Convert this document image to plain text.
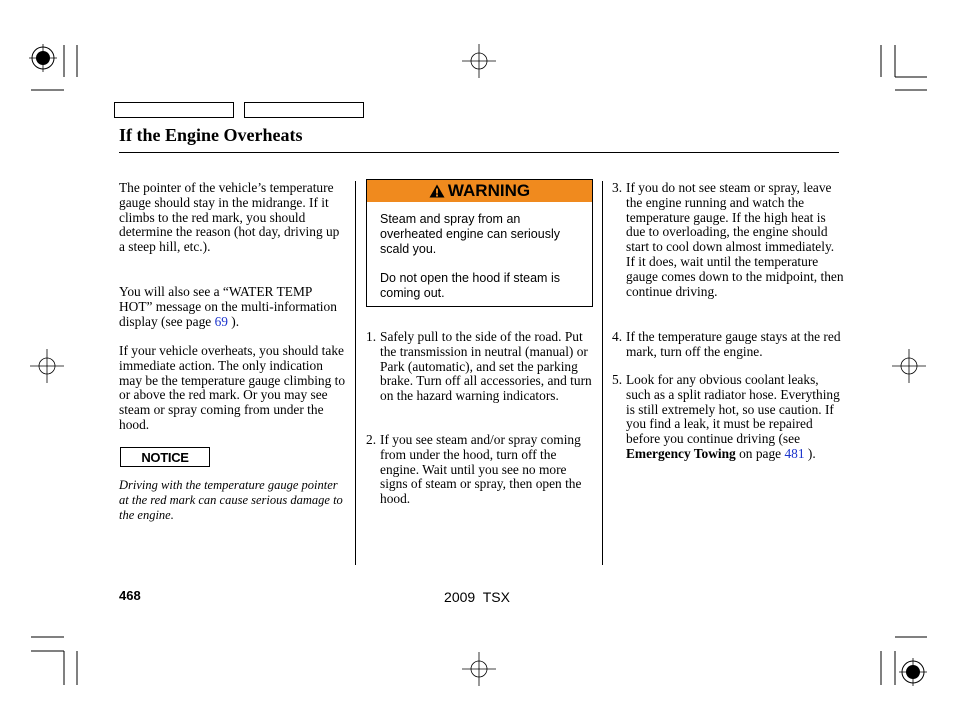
If the Engine Overheats

The pointer of the vehicle’s temperature gauge should stay in the midrange. If it climbs to the red mark, you should determine the reason (hot day, driving up a steep hill, etc.).

You will also see a “WATER TEMP HOT” message on the multi-information display (see page 69 ).

If your vehicle overheats, you should take immediate action. The only indication may be the temperature gauge climbing to or above the red mark. Or you may see steam or spray coming from under the hood.

NOTICE

Driving with the temperature gauge pointer at the red mark can cause serious damage to the engine.

WARNING

Steam and spray from an overheated engine can seriously scald you.

Do not open the hood if steam is coming out.

1. Safely pull to the side of the road. Put the transmission in neutral (manual) or Park (automatic), and set the parking brake. Turn off all accessories, and turn on the hazard warning indicators.
2. If you see steam and/or spray coming from under the hood, turn off the engine. Wait until you see no more signs of steam or spray, then open the hood.
3. If you do not see steam or spray, leave the engine running and watch the temperature gauge. If the high heat is due to overloading, the engine should start to cool down almost immediately. If it does, wait until the temperature gauge comes down to the midpoint, then continue driving.
4. If the temperature gauge stays at the red mark, turn off the engine.
5. Look for any obvious coolant leaks, such as a split radiator hose. Everything is still extremely hot, so use caution. If you find a leak, it must be repaired before you continue driving (see Emergency Towing on page 481 ).
468	2009  TSX
